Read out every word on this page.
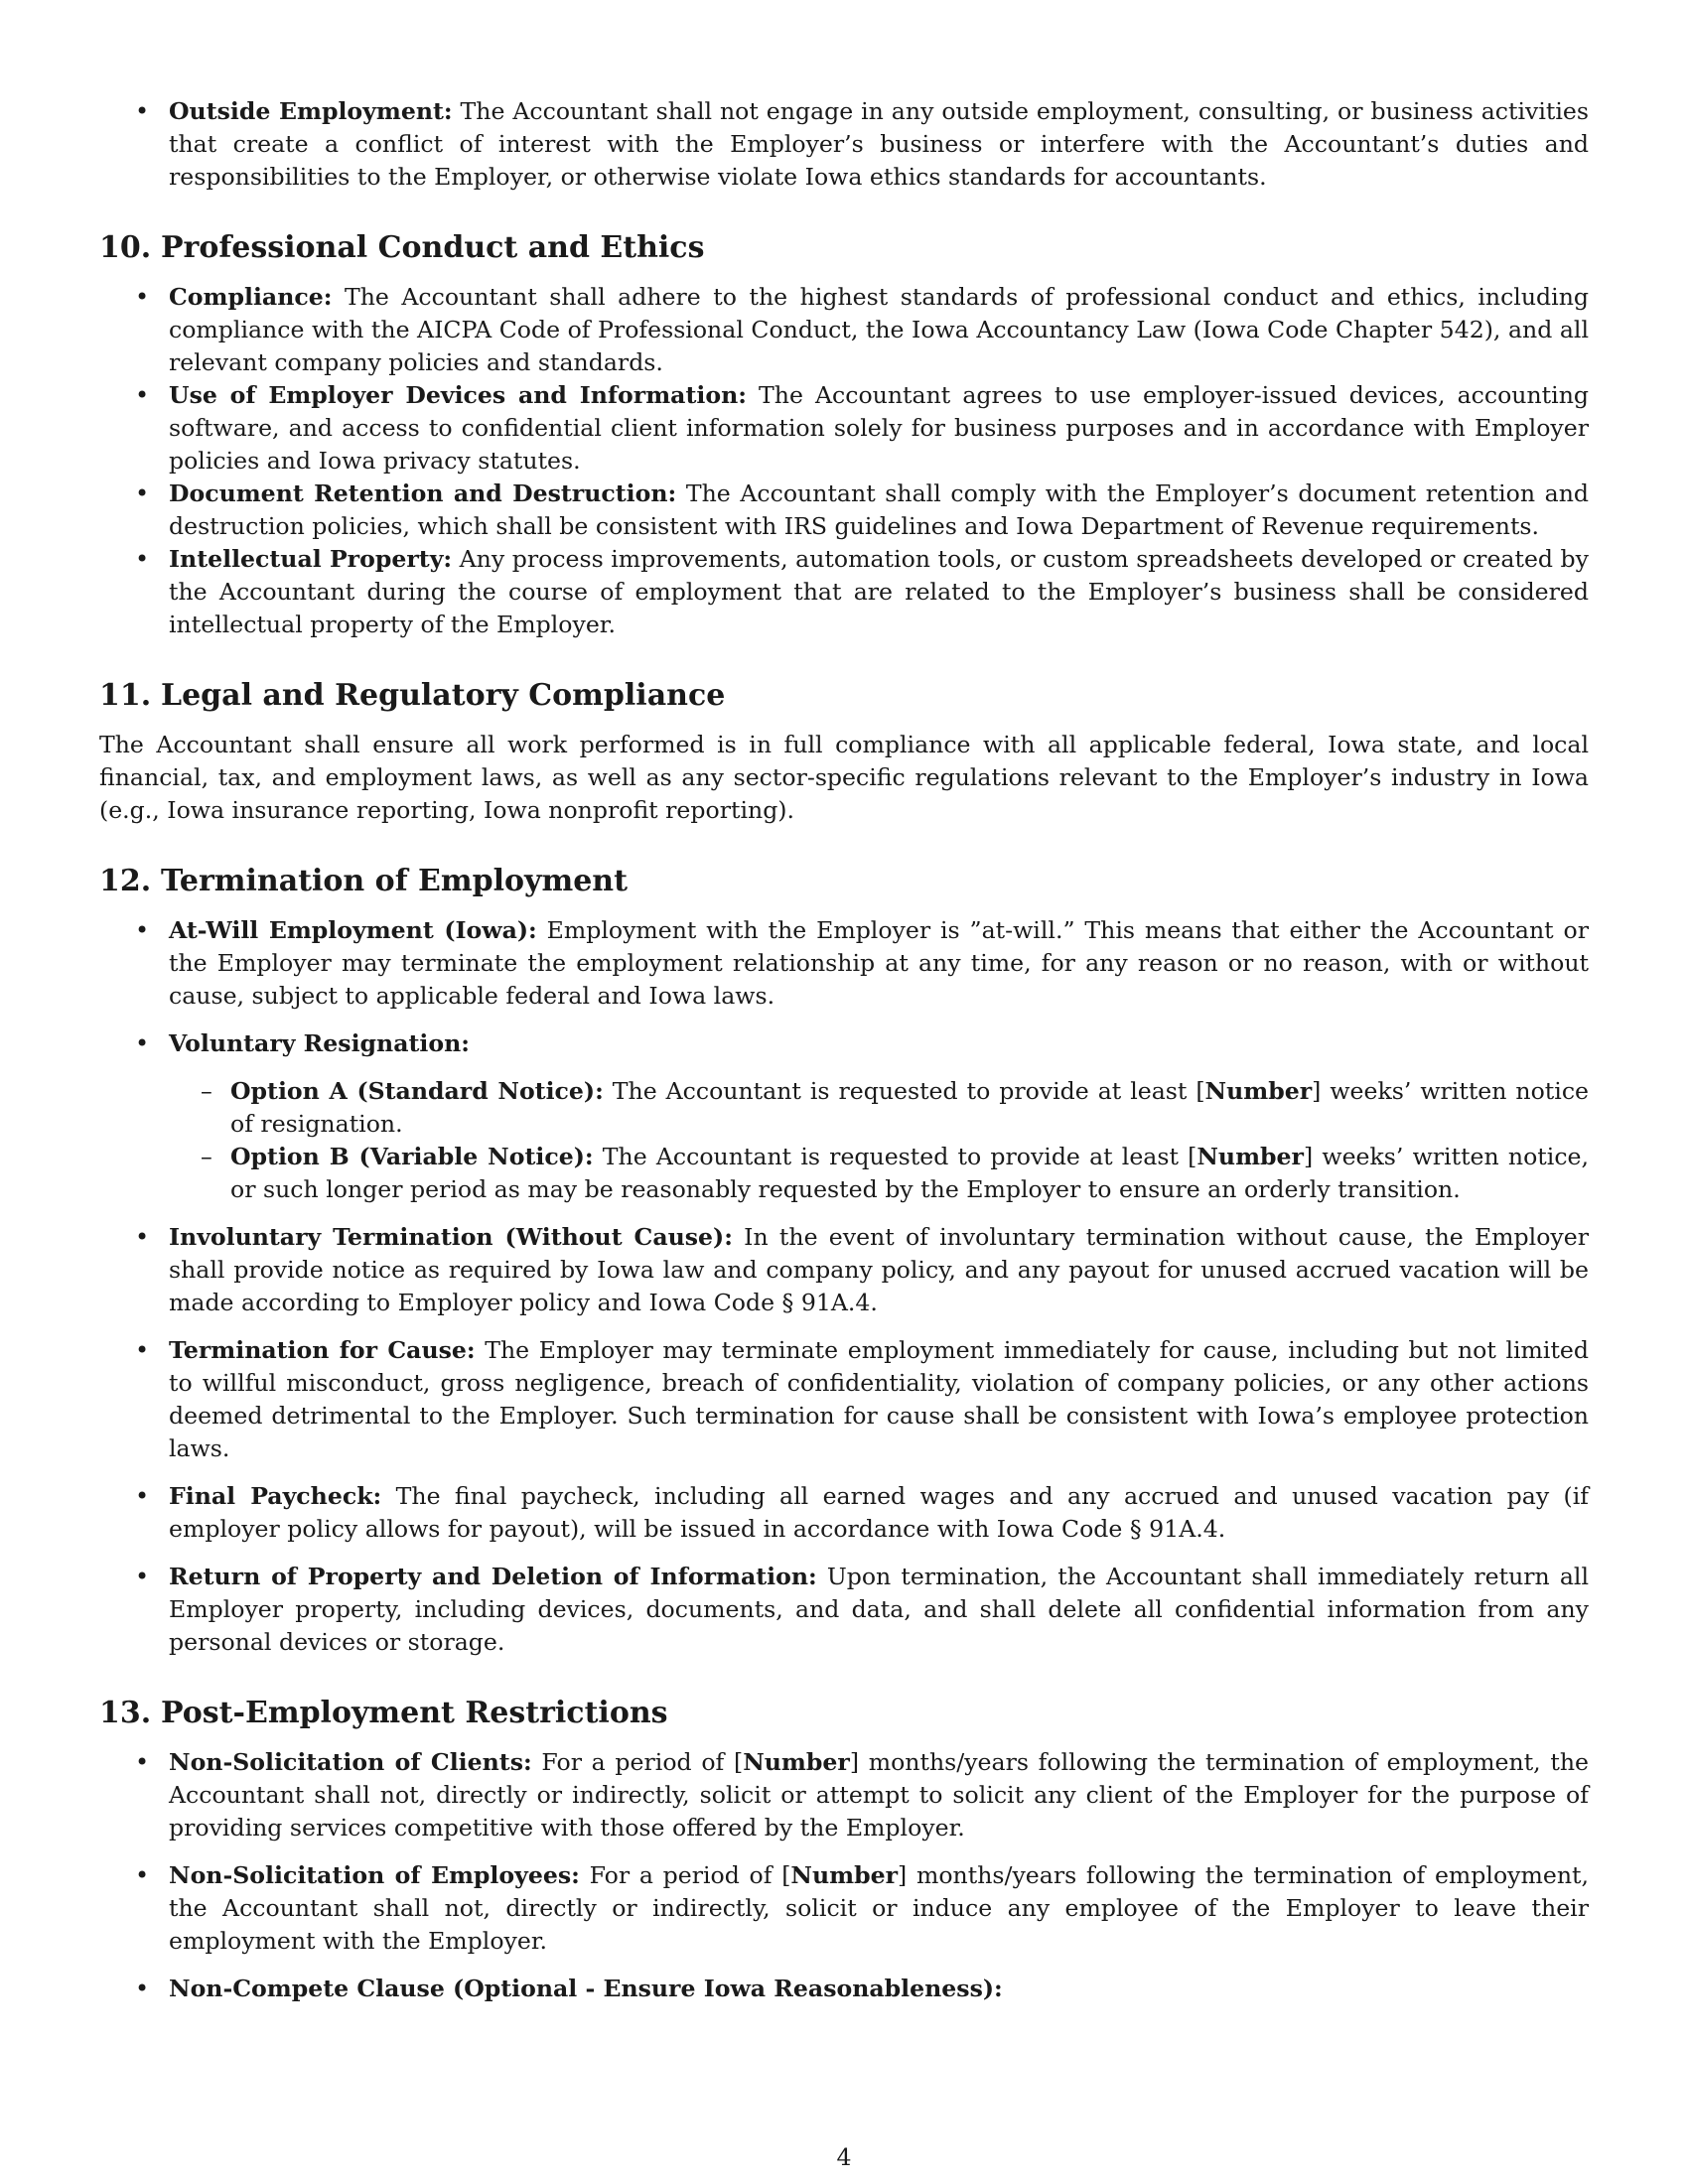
• Outside Employment: The Accountant shall not engage in any outside employment, consulting, or business activities that create a conflict of interest with the Employer’s business or interfere with the Accountant’s duties and responsibilities to the Employer, or otherwise violate Iowa ethics standards for accountants.
10. Professional Conduct and Ethics
• Compliance: The Accountant shall adhere to the highest standards of professional conduct and ethics, including compliance with the AICPA Code of Professional Conduct, the Iowa Accountancy Law (Iowa Code Chapter 542), and all relevant company policies and standards.
• Use of Employer Devices and Information: The Accountant agrees to use employer-issued devices, accounting software, and access to confidential client information solely for business purposes and in accordance with Employer policies and Iowa privacy statutes.
• Document Retention and Destruction: The Accountant shall comply with the Employer’s document retention and destruction policies, which shall be consistent with IRS guidelines and Iowa Department of Revenue requirements.
• Intellectual Property: Any process improvements, automation tools, or custom spreadsheets developed or created by the Accountant during the course of employment that are related to the Employer’s business shall be considered intellectual property of the Employer.
11. Legal and Regulatory Compliance

The Accountant shall ensure all work performed is in full compliance with all applicable federal, Iowa state, and local financial, tax, and employment laws, as well as any sector-specific regulations relevant to the Employer’s industry in Iowa (e.g., Iowa insurance reporting, Iowa nonprofit reporting).

12. Termination of Employment
• At-Will Employment (Iowa): Employment with the Employer is ”at-will.” This means that either the Accountant or the Employer may terminate the employment relationship at any time, for any reason or no reason, with or without cause, subject to applicable federal and Iowa laws.
• Voluntary Resignation:
– Option A (Standard Notice): The Accountant is requested to provide at least [Number] weeks’ written notice of resignation.
– Option B (Variable Notice): The Accountant is requested to provide at least [Number] weeks’ written notice, or such longer period as may be reasonably requested by the Employer to ensure an orderly transition.
• Involuntary Termination (Without Cause): In the event of involuntary termination without cause, the Employer shall provide notice as required by Iowa law and company policy, and any payout for unused accrued vacation will be made according to Employer policy and Iowa Code § 91A.4.
• Termination for Cause: The Employer may terminate employment immediately for cause, including but not limited to willful misconduct, gross negligence, breach of confidentiality, violation of company policies, or any other actions deemed detrimental to the Employer. Such termination for cause shall be consistent with Iowa’s employee protection laws.
• Final Paycheck: The final paycheck, including all earned wages and any accrued and unused vacation pay (if employer policy allows for payout), will be issued in accordance with Iowa Code § 91A.4.
• Return of Property and Deletion of Information: Upon termination, the Accountant shall immediately return all Employer property, including devices, documents, and data, and shall delete all confidential information from any personal devices or storage.
13. Post-Employment Restrictions
• Non-Solicitation of Clients: For a period of [Number] months/years following the termination of employment, the Accountant shall not, directly or indirectly, solicit or attempt to solicit any client of the Employer for the purpose of providing services competitive with those offered by the Employer.
• Non-Solicitation of Employees: For a period of [Number] months/years following the termination of employment, the Accountant shall not, directly or indirectly, solicit or induce any employee of the Employer to leave their employment with the Employer.
• Non-Compete Clause (Optional - Ensure Iowa Reasonableness):
4
